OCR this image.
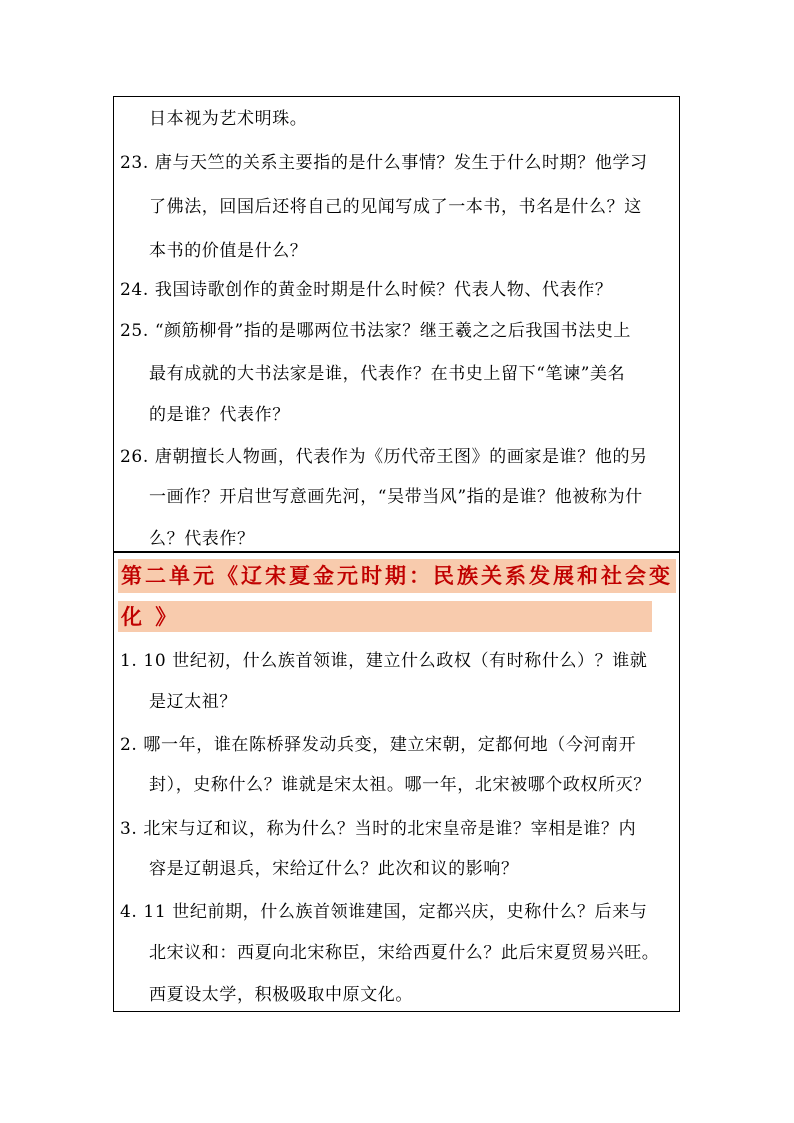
日本视为艺术明珠。
23. 唐与天竺的关系主要指的是什么事情？发生于什么时期？他学习
了佛法，回国后还将自己的见闻写成了一本书，书名是什么？这
本书的价值是什么？
24. 我国诗歌创作的黄金时期是什么时候？代表人物、代表作？
25. “颜筋柳骨”指的是哪两位书法家？继王羲之之后我国书法史上
最有成就的大书法家是谁，代表作？在书史上留下“笔谏”美名
的是谁？代表作？
26. 唐朝擅长人物画，代表作为《历代帝王图》的画家是谁？他的另
一画作？开启世写意画先河，“吴带当风”指的是谁？他被称为什
么？代表作？
第二单元《辽宋夏金元时期：民族关系发展和社会变
化 》
1. 10 世纪初，什么族首领谁，建立什么政权（有时称什么）？谁就
是辽太祖？
2. 哪一年，谁在陈桥驿发动兵变，建立宋朝，定都何地（今河南开
封），史称什么？谁就是宋太祖。哪一年，北宋被哪个政权所灭？
3. 北宋与辽和议，称为什么？当时的北宋皇帝是谁？宰相是谁？内
容是辽朝退兵，宋给辽什么？此次和议的影响？
4. 11 世纪前期，什么族首领谁建国，定都兴庆，史称什么？后来与
北宋议和：西夏向北宋称臣，宋给西夏什么？此后宋夏贸易兴旺。
西夏设太学，积极吸取中原文化。
